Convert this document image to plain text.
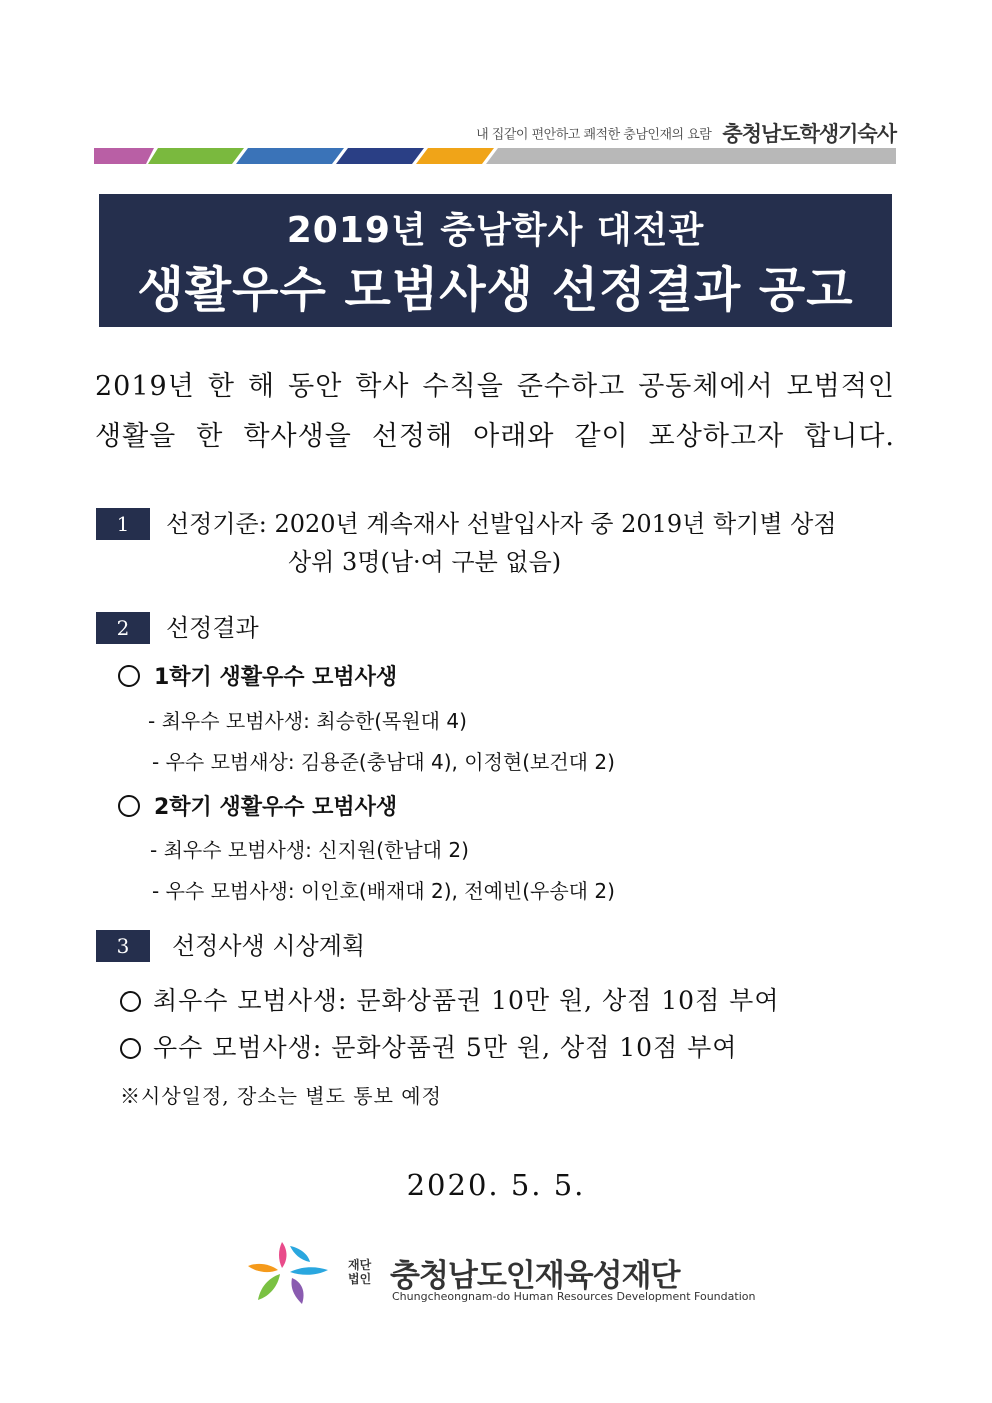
내 집같이 편안하고 쾌적한 충남인재의 요람 충청남도학생기숙사
2019년 충남학사 대전관
생활우수 모범사생 선정결과 공고
2019년 한 해 동안 학사 수칙을 준수하고 공동체에서 모범적인
생활을 한 학사생을 선정해 아래와 같이 포상하고자 합니다.
1	선정기준: 2020년 계속재사 선발입사자 중 2019년 학기별 상점
상위 3명(남·여 구분 없음)
2	선정결과
1학기 생활우수 모범사생
- 최우수 모범사생: 최승한(목원대 4)
- 우수 모범새상: 김용준(충남대 4), 이정현(보건대 2)
2학기 생활우수 모범사생
- 최우수 모범사생: 신지원(한남대 2)
- 우수 모범사생: 이인호(배재대 2), 전예빈(우송대 2)
3	선정사생 시상계획
최우수 모범사생: 문화상품권 10만 원, 상점 10점 부여
우수 모범사생: 문화상품권 5만 원, 상점 10점 부여
※시상일정, 장소는 별도 통보 예정
2020. 5. 5.
재단
법인 충청남도인재육성재단
Chungcheongnam-do Human Resources Development Foundation
